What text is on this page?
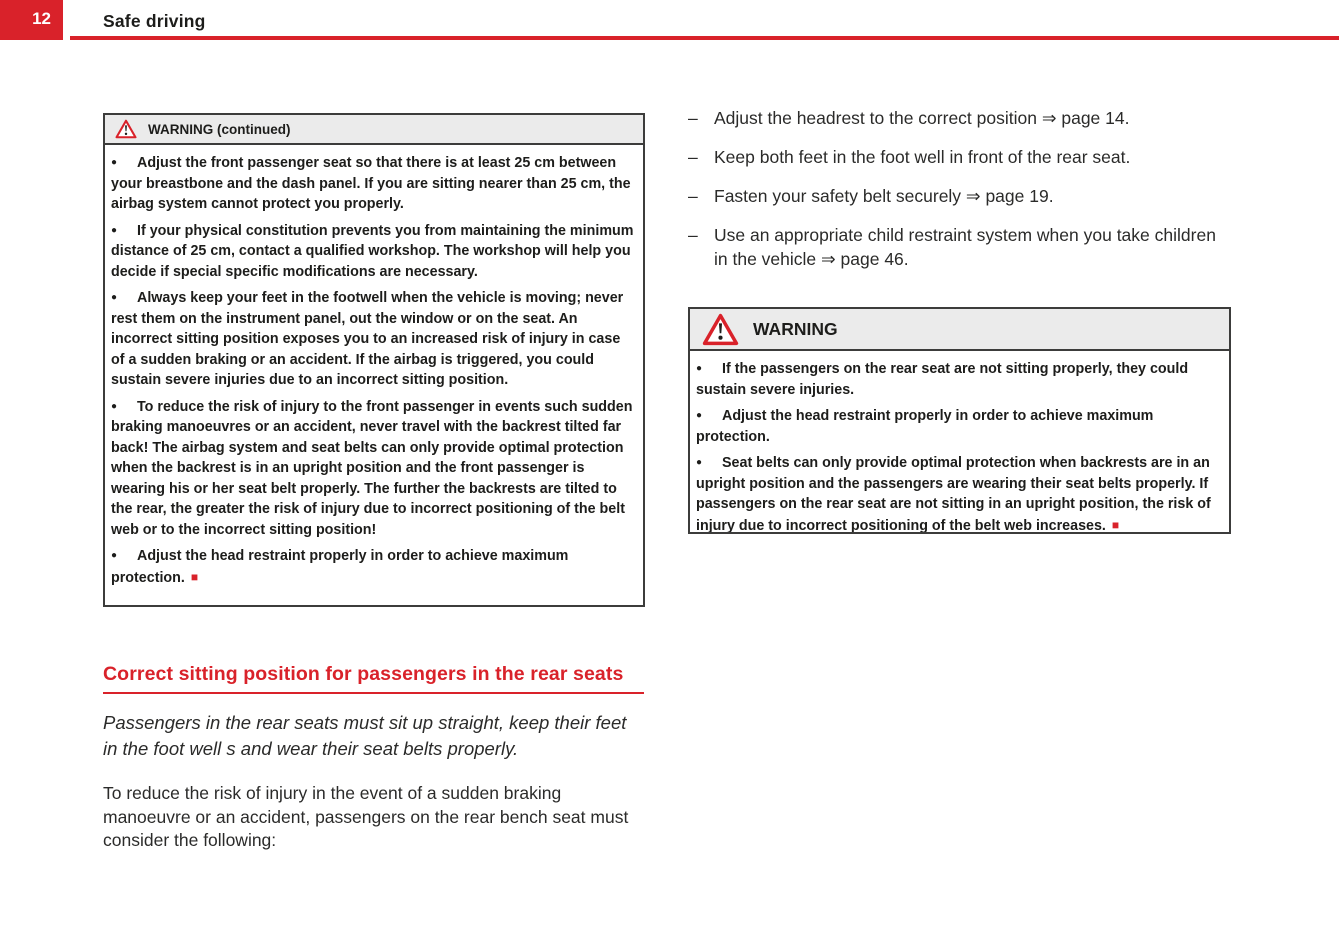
12	Safe driving
WARNING (continued)

● Adjust the front passenger seat so that there is at least 25 cm between your breastbone and the dash panel. If you are sitting nearer than 25 cm, the airbag system cannot protect you properly.

● If your physical constitution prevents you from maintaining the minimum distance of 25 cm, contact a qualified workshop. The workshop will help you decide if special specific modifications are necessary.

● Always keep your feet in the footwell when the vehicle is moving; never rest them on the instrument panel, out the window or on the seat. An incorrect sitting position exposes you to an increased risk of injury in case of a sudden braking or an accident. If the airbag is triggered, you could sustain severe injuries due to an incorrect sitting position.

● To reduce the risk of injury to the front passenger in events such sudden braking manoeuvres or an accident, never travel with the backrest tilted far back! The airbag system and seat belts can only provide optimal protection when the backrest is in an upright position and the front passenger is wearing his or her seat belt properly. The further the backrests are tilted to the rear, the greater the risk of injury due to incorrect positioning of the belt web or to the incorrect sitting position!

● Adjust the head restraint properly in order to achieve maximum protection. ■

– Adjust the headrest to the correct position ⇒ page 14.
– Keep both feet in the foot well in front of the rear seat.
– Fasten your safety belt securely ⇒ page 19.
– Use an appropriate child restraint system when you take children in the vehicle ⇒ page 46.
WARNING

● If the passengers on the rear seat are not sitting properly, they could sustain severe injuries.

● Adjust the head restraint properly in order to achieve maximum protection.

● Seat belts can only provide optimal protection when backrests are in an upright position and the passengers are wearing their seat belts properly. If passengers on the rear seat are not sitting in an upright position, the risk of injury due to incorrect positioning of the belt web increases. ■

Correct sitting position for passengers in the rear seats

Passengers in the rear seats must sit up straight, keep their feet in the foot well s and wear their seat belts properly.

To reduce the risk of injury in the event of a sudden braking manoeuvre or an accident, passengers on the rear bench seat must consider the following:
